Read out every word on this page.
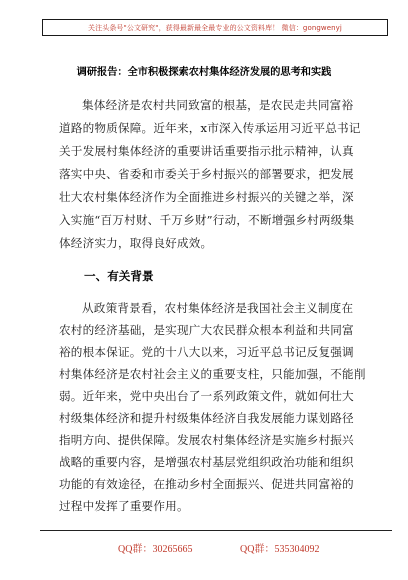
关注头条号"公文研究"，获得最新最全最专业的公文资料库！ 微信：gongwenyj
调研报告：全市积极探索农村集体经济发展的思考和实践
集体经济是农村共同致富的根基，是农民走共同富裕
道路的物质保障。近年来，x市深入传承运用习近平总书记
关于发展村集体经济的重要讲话重要指示批示精神，认真
落实中央、省委和市委关于乡村振兴的部署要求，把发展
壮大农村集体经济作为全面推进乡村振兴的关键之举，深
入实施“百万村财、千万乡财”行动，不断增强乡村两级集
体经济实力，取得良好成效。
一、有关背景
从政策背景看，农村集体经济是我国社会主义制度在
农村的经济基础，是实现广大农民群众根本利益和共同富
裕的根本保证。党的十八大以来，习近平总书记反复强调
村集体经济是农村社会主义的重要支柱，只能加强，不能削
弱。近年来，党中央出台了一系列政策文件，就如何壮大
村级集体经济和提升村级集体经济自我发展能力谋划路径
指明方向、提供保障。发展农村集体经济是实施乡村振兴
战略的重要内容，是增强农村基层党组织政治功能和组织
功能的有效途径，在推动乡村全面振兴、促进共同富裕的
过程中发挥了重要作用。
QQ群：30265665	QQ群：535304092
